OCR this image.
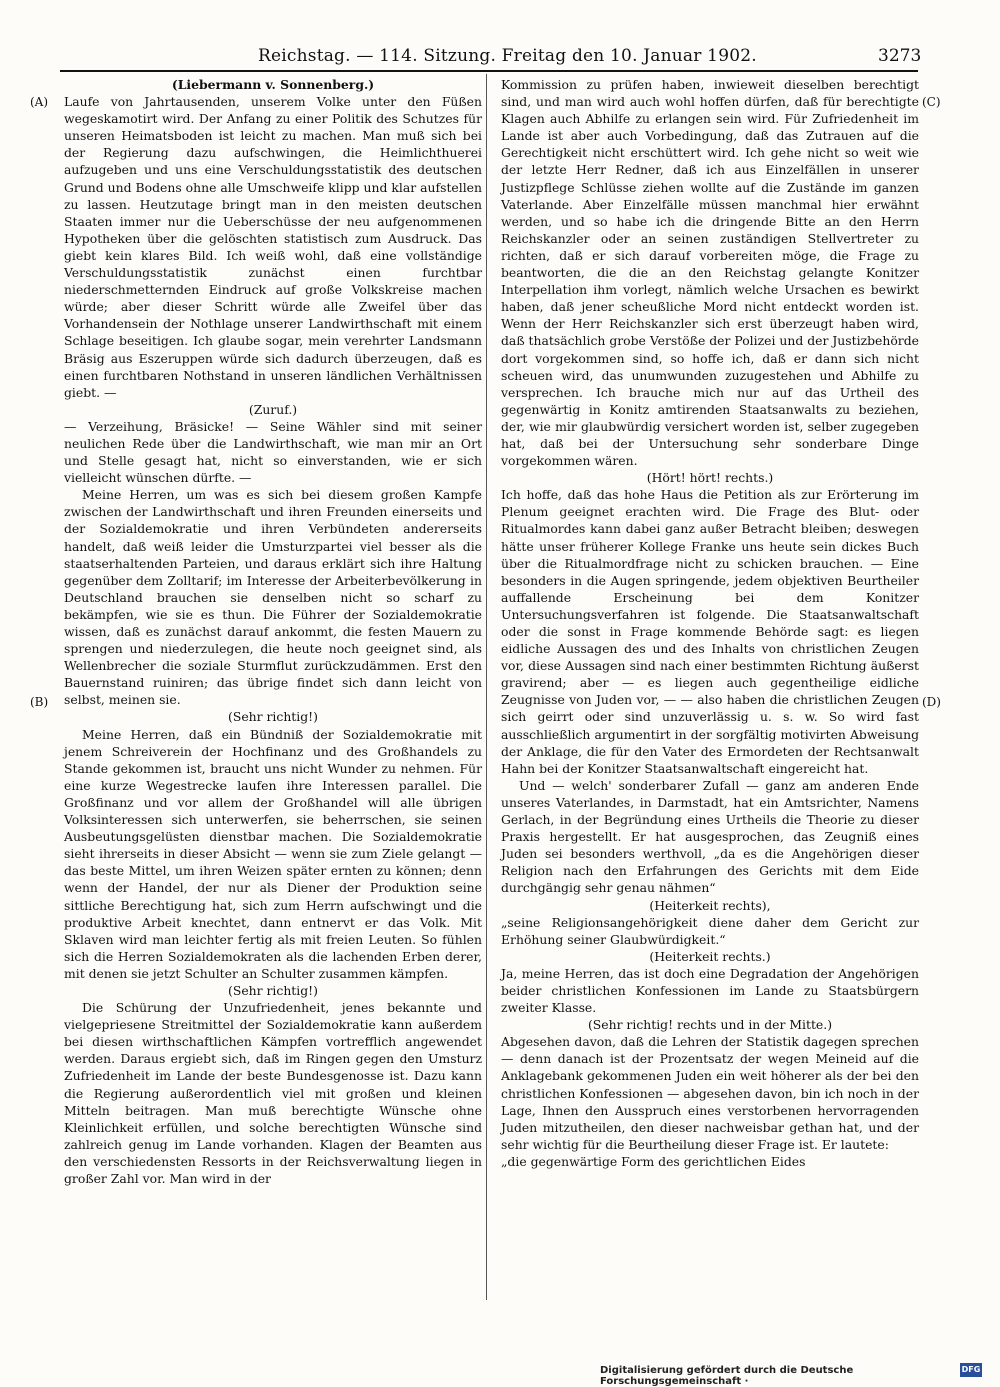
Reichstag. — 114. Sitzung. Freitag den 10. Januar 1902.	3273
(A)
(B)
(C)
(D)

(Liebermann v. Sonnenberg.)

Laufe von Jahrtausenden, unserem Volke unter den Füßen wegeskamotirt wird. Der Anfang zu einer Politik des Schutzes für unseren Heimatsboden ist leicht zu machen. Man muß sich bei der Regierung dazu aufschwingen, die Heimlichthuerei aufzugeben und uns eine Verschuldungsstatistik des deutschen Grund und Bodens ohne alle Umschweife klipp und klar aufstellen zu lassen. Heutzutage bringt man in den meisten deutschen Staaten immer nur die Ueberschüsse der neu aufgenommenen Hypotheken über die gelöschten statistisch zum Ausdruck. Das giebt kein klares Bild. Ich weiß wohl, daß eine vollständige Verschuldungsstatistik zunächst einen furchtbar niederschmetternden Eindruck auf große Volkskreise machen würde; aber dieser Schritt würde alle Zweifel über das Vorhandensein der Nothlage unserer Landwirthschaft mit einem Schlage beseitigen. Ich glaube sogar, mein verehrter Landsmann Bräsig aus Eszeruppen würde sich dadurch überzeugen, daß es einen furchtbaren Nothstand in unseren ländlichen Verhältnissen giebt. —

(Zuruf.)

— Verzeihung, Bräsicke! — Seine Wähler sind mit seiner neulichen Rede über die Landwirthschaft, wie man mir an Ort und Stelle gesagt hat, nicht so einverstanden, wie er sich vielleicht wünschen dürfte. —

Meine Herren, um was es sich bei diesem großen Kampfe zwischen der Landwirthschaft und ihren Freunden einerseits und der Sozialdemokratie und ihren Verbündeten andererseits handelt, daß weiß leider die Umsturzpartei viel besser als die staatserhaltenden Parteien, und daraus erklärt sich ihre Haltung gegenüber dem Zolltarif; im Interesse der Arbeiterbevölkerung in Deutschland brauchen sie denselben nicht so scharf zu bekämpfen, wie sie es thun. Die Führer der Sozialdemokratie wissen, daß es zunächst darauf ankommt, die festen Mauern zu sprengen und niederzulegen, die heute noch geeignet sind, als Wellenbrecher die soziale Sturmflut zurückzudämmen. Erst den Bauernstand ruiniren; das übrige findet sich dann leicht von selbst, meinen sie.

(Sehr richtig!)

Meine Herren, daß ein Bündniß der Sozialdemokratie mit jenem Schreiverein der Hochfinanz und des Großhandels zu Stande gekommen ist, braucht uns nicht Wunder zu nehmen. Für eine kurze Wegestrecke laufen ihre Interessen parallel. Die Großfinanz und vor allem der Großhandel will alle übrigen Volksinteressen sich unterwerfen, sie beherrschen, sie seinen Ausbeutungsgelüsten dienstbar machen. Die Sozialdemokratie sieht ihrerseits in dieser Absicht — wenn sie zum Ziele gelangt — das beste Mittel, um ihren Weizen später ernten zu können; denn wenn der Handel, der nur als Diener der Produktion seine sittliche Berechtigung hat, sich zum Herrn aufschwingt und die produktive Arbeit knechtet, dann entnervt er das Volk. Mit Sklaven wird man leichter fertig als mit freien Leuten. So fühlen sich die Herren Sozialdemokraten als die lachenden Erben derer, mit denen sie jetzt Schulter an Schulter zusammen kämpfen.

(Sehr richtig!)

Die Schürung der Unzufriedenheit, jenes bekannte und vielgepriesene Streitmittel der Sozialdemokratie kann außerdem bei diesen wirthschaftlichen Kämpfen vortrefflich angewendet werden. Daraus ergiebt sich, daß im Ringen gegen den Umsturz Zufriedenheit im Lande der beste Bundesgenosse ist. Dazu kann die Regierung außerordentlich viel mit großen und kleinen Mitteln beitragen. Man muß berechtigte Wünsche ohne Kleinlichkeit erfüllen, und solche berechtigten Wünsche sind zahlreich genug im Lande vorhanden. Klagen der Beamten aus den verschiedensten Ressorts in der Reichsverwaltung liegen in großer Zahl vor. Man wird in der

Kommission zu prüfen haben, inwieweit dieselben berechtigt sind, und man wird auch wohl hoffen dürfen, daß für berechtigte Klagen auch Abhilfe zu erlangen sein wird. Für Zufriedenheit im Lande ist aber auch Vorbedingung, daß das Zutrauen auf die Gerechtigkeit nicht erschüttert wird. Ich gehe nicht so weit wie der letzte Herr Redner, daß ich aus Einzelfällen in unserer Justizpflege Schlüsse ziehen wollte auf die Zustände im ganzen Vaterlande. Aber Einzelfälle müssen manchmal hier erwähnt werden, und so habe ich die dringende Bitte an den Herrn Reichskanzler oder an seinen zuständigen Stellvertreter zu richten, daß er sich darauf vorbereiten möge, die Frage zu beantworten, die die an den Reichstag gelangte Konitzer Interpellation ihm vorlegt, nämlich welche Ursachen es bewirkt haben, daß jener scheußliche Mord nicht entdeckt worden ist. Wenn der Herr Reichskanzler sich erst überzeugt haben wird, daß thatsächlich grobe Verstöße der Polizei und der Justizbehörde dort vorgekommen sind, so hoffe ich, daß er dann sich nicht scheuen wird, das unumwunden zuzugestehen und Abhilfe zu versprechen. Ich brauche mich nur auf das Urtheil des gegenwärtig in Konitz amtirenden Staatsanwalts zu beziehen, der, wie mir glaubwürdig versichert worden ist, selber zugegeben hat, daß bei der Untersuchung sehr sonderbare Dinge vorgekommen wären.

(Hört! hört! rechts.)

Ich hoffe, daß das hohe Haus die Petition als zur Erörterung im Plenum geeignet erachten wird. Die Frage des Blut- oder Ritualmordes kann dabei ganz außer Betracht bleiben; deswegen hätte unser früherer Kollege Franke uns heute sein dickes Buch über die Ritualmordfrage nicht zu schicken brauchen. — Eine besonders in die Augen springende, jedem objektiven Beurtheiler auffallende Erscheinung bei dem Konitzer Untersuchungsverfahren ist folgende. Die Staatsanwaltschaft oder die sonst in Frage kommende Behörde sagt: es liegen eidliche Aussagen des und des Inhalts von christlichen Zeugen vor, diese Aussagen sind nach einer bestimmten Richtung äußerst gravirend; aber — es liegen auch gegentheilige eidliche Zeugnisse von Juden vor, — — also haben die christlichen Zeugen sich geirrt oder sind unzuverlässig u. s. w. So wird fast ausschließlich argumentirt in der sorgfältig motivirten Abweisung der Anklage, die für den Vater des Ermordeten der Rechtsanwalt Hahn bei der Konitzer Staatsanwaltschaft eingereicht hat.

Und — welch' sonderbarer Zufall — ganz am anderen Ende unseres Vaterlandes, in Darmstadt, hat ein Amtsrichter, Namens Gerlach, in der Begründung eines Urtheils die Theorie zu dieser Praxis hergestellt. Er hat ausgesprochen, das Zeugniß eines Juden sei besonders werthvoll, „da es die Angehörigen dieser Religion nach den Erfahrungen des Gerichts mit dem Eide durchgängig sehr genau nähmen“

(Heiterkeit rechts),

„seine Religionsangehörigkeit diene daher dem Gericht zur Erhöhung seiner Glaubwürdigkeit.“

(Heiterkeit rechts.)

Ja, meine Herren, das ist doch eine Degradation der Angehörigen beider christlichen Konfessionen im Lande zu Staatsbürgern zweiter Klasse.

(Sehr richtig! rechts und in der Mitte.)

Abgesehen davon, daß die Lehren der Statistik dagegen sprechen — denn danach ist der Prozentsatz der wegen Meineid auf die Anklagebank gekommenen Juden ein weit höherer als der bei den christlichen Konfessionen — abgesehen davon, bin ich noch in der Lage, Ihnen den Ausspruch eines verstorbenen hervorragenden Juden mitzutheilen, den dieser nachweisbar gethan hat, und der sehr wichtig für die Beurtheilung dieser Frage ist. Er lautete:

„die gegenwärtige Form des gerichtlichen Eides

Digitalisierung gefördert durch die Deutsche Forschungsgemeinschaft ·
DFG
